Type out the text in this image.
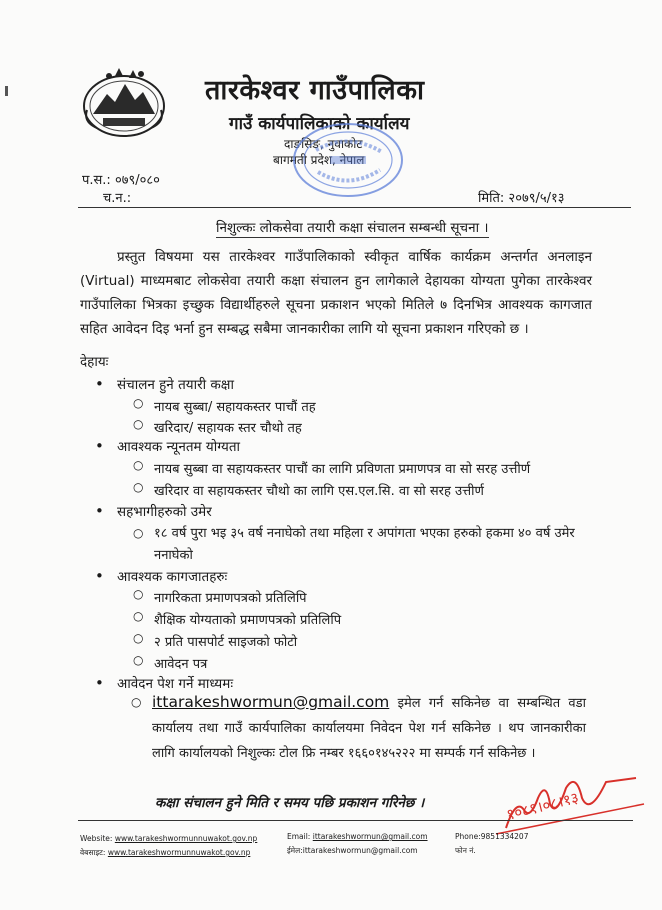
तारकेश्वर गाउँपालिका
गाउँ कार्यपालिकाको कार्यालय
दाङसिङ, नुवाकोट
बागमती प्रदेश, नेपाल
प.स.: ०७९/०८०
च.न.:	मिति: २०७९/५/१३
निशुल्कः लोकसेवा तयारी कक्षा संचालन सम्बन्धी सूचना ।
प्रस्तुत विषयमा यस तारकेश्वर गाउँपालिकाको स्वीकृत वार्षिक कार्यक्रम अन्तर्गत अनलाइन (Virtual) माध्यमबाट लोकसेवा तयारी कक्षा संचालन हुन लागेकाले देहायका योग्यता पुगेका तारकेश्वर गाउँपालिका भित्रका इच्छुक विद्यार्थीहरुले सूचना प्रकाशन भएको मितिले ७ दिनभित्र आवश्यक कागजात सहित आवेदन दिइ भर्ना हुन सम्बद्ध सबैमा जानकारीका लागि यो सूचना प्रकाशन गरिएको छ ।
देहायः
• संचालन हुने तयारी कक्षा
○ नायब सुब्बा/ सहायकस्तर पाचौं तह
○ खरिदार/ सहायक स्तर चौथो तह
• आवश्यक न्यूनतम योग्यता
○ नायब सुब्बा वा सहायकस्तर पाचौं का लागि प्रविणता प्रमाणपत्र वा सो सरह उत्तीर्ण
○ खरिदार वा सहायकस्तर चौथो का लागि एस.एल.सि. वा सो सरह उत्तीर्ण
• सहभागीहरुको उमेर
○ १८ वर्ष पुरा भइ ३५ वर्ष ननाघेको तथा महिला र अपांगता भएका हरुको हकमा ४० वर्ष उमेर ननाघेको
• आवश्यक कागजातहरुः
○ नागरिकता प्रमाणपत्रको प्रतिलिपि
○ शैक्षिक योग्यताको प्रमाणपत्रको प्रतिलिपि
○ २ प्रति पासपोर्ट साइजको फोटो
○ आवेदन पत्र
• आवेदन पेश गर्ने माध्यमः
○ ittarakeshwormun@gmail.com इमेल गर्न सकिनेछ वा सम्बन्धित वडा कार्यालय तथा गाउँ कार्यपालिका कार्यालयमा निवेदन पेश गर्न सकिनेछ । थप जानकारीका लागि कार्यालयको निशुल्कः टोल फ्रि नम्बर १६६०१४५२२२ मा सम्पर्क गर्न सकिनेछ ।
कक्षा संचालन हुने मिति र समय पछि प्रकाशन गरिनेछ ।	१०८१।०८।१३
Website: www.tarakeshwormunnuwakot.gov.np
वेबसाइट: www.tarakeshwormunnuwakot.gov.np
Email: ittarakeshwormun@gmail.com
ईमेल:ittarakeshwormun@gmail.com
Phone:9851334207
फोन नं.
